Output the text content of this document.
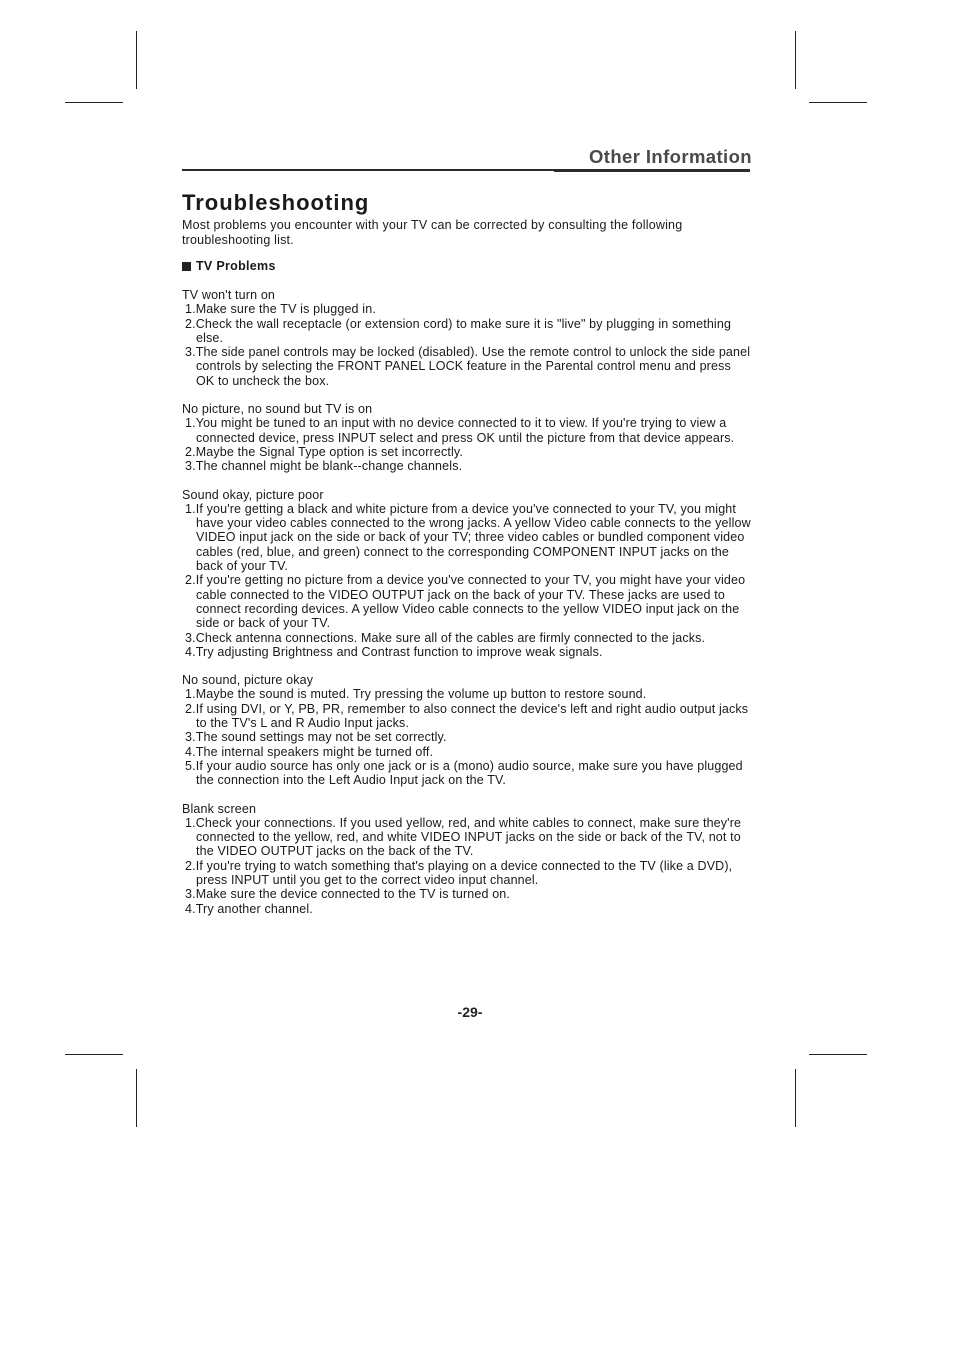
Other Information
Troubleshooting

Most problems you encounter with your TV can be corrected by consulting the following troubleshooting list.

TV Problems
TV won't turn on
1.Make sure the TV is plugged in.
2.Check the wall receptacle (or extension cord) to make sure it is "live" by plugging in something else.
3.The side panel controls may be locked (disabled). Use the remote control to unlock the side panel controls by selecting the FRONT PANEL LOCK feature in the Parental control menu and press OK to uncheck the box.
No picture, no sound but TV is on
1.You might be tuned to an input with no device connected to it to view. If you're trying to view a connected device, press INPUT select and press OK until the picture from that device appears.
2.Maybe the Signal Type option is set incorrectly.
3.The channel might be blank--change channels.
Sound okay, picture poor
1.If you're getting a black and white picture from a device you've connected to your TV, you might have your video cables connected to the wrong jacks. A yellow Video cable connects to the yellow VIDEO input jack on the side or back of your TV; three video cables or bundled component video cables (red, blue, and green) connect to the corresponding COMPONENT INPUT jacks on the back of your TV.
2.If you're getting no picture from a device you've connected to your TV, you might have your video cable connected to the VIDEO OUTPUT jack on the back of your TV. These jacks are used to connect recording devices. A yellow Video cable connects to the yellow VIDEO input jack on the side or back of your TV.
3.Check antenna connections. Make sure all of the cables are firmly connected to the jacks.
4.Try adjusting Brightness and Contrast function to improve weak signals.
No sound, picture okay
1.Maybe the sound is muted. Try pressing the volume up button to restore sound.
2.If using DVI, or Y, PB, PR, remember to also connect the device's left and right audio output jacks to the TV's L and R Audio Input jacks.
3.The sound settings may not be set correctly.
4.The internal speakers might be turned off.
5.If your audio source has only one jack or is a (mono) audio source, make sure you have plugged the connection into the Left Audio Input jack on the TV.
Blank screen
1.Check your connections. If you used yellow, red, and white cables to connect, make sure they're connected to the yellow, red, and white VIDEO INPUT jacks on the side or back of the TV, not to the VIDEO OUTPUT jacks on the back of the TV.
2.If you're trying to watch something that's playing on a device connected to the TV (like a DVD), press INPUT until you get to the correct video input channel.
3.Make sure the device connected to the TV is turned on.
4.Try another channel.
-29-
